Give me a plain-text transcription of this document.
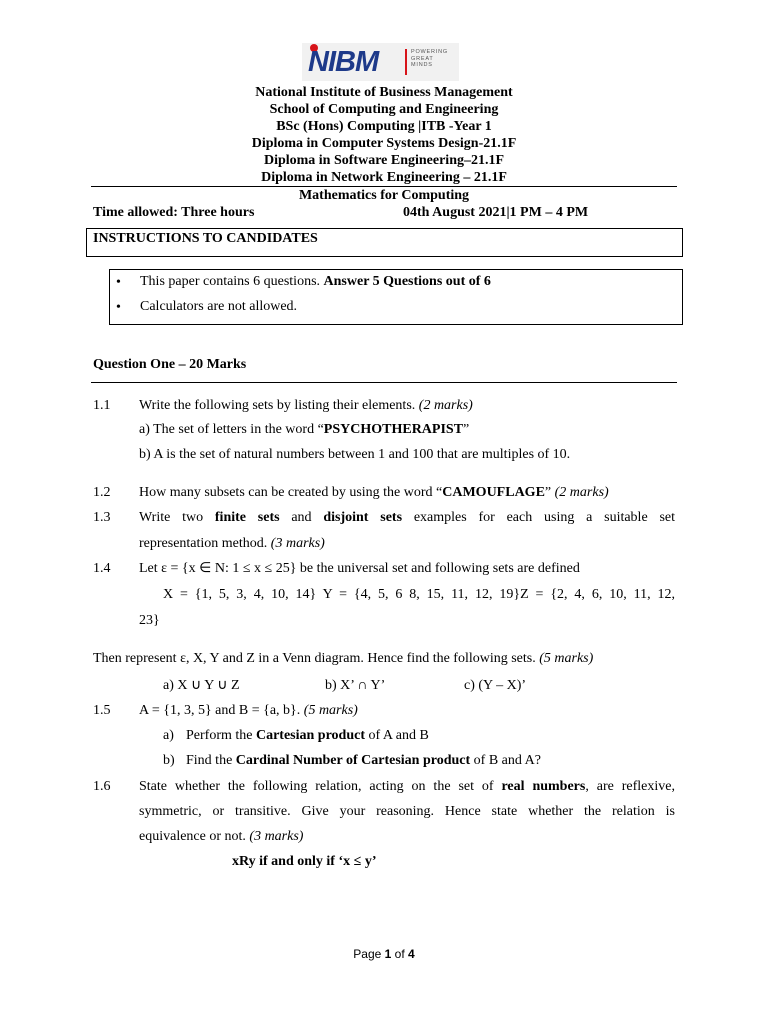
NIBM	POWERING
GREAT
MINDS
National Institute of Business Management
School of Computing and Engineering
BSc (Hons) Computing |ITB -Year 1
Diploma in Computer Systems Design-21.1F
Diploma in Software Engineering–21.1F
Diploma in Network Engineering – 21.1F
Mathematics for Computing
Time allowed: Three hours	04th August 2021|1 PM – 4 PM
INSTRUCTIONS TO CANDIDATES
• This paper contains 6 questions. Answer 5 Questions out of 6
• Calculators are not allowed.
Question One – 20 Marks
1.1 Write the following sets by listing their elements. (2 marks)
a) The set of letters in the word “PSYCHOTHERAPIST”
b) A is the set of natural numbers between 1 and 100 that are multiples of 10.
1.2 How many subsets can be created by using the word “CAMOUFLAGE” (2 marks)
1.3 Write two finite sets and disjoint sets examples for each using a suitable set
representation method. (3 marks)
1.4 Let ε = {x ∈ N: 1 ≤ x ≤ 25} be the universal set and following sets are defined
X = {1, 5, 3, 4, 10, 14} Y = {4, 5, 6 8, 15, 11, 12, 19}Z = {2, 4, 6, 10, 11, 12,
23}
Then represent ε, X, Y and Z in a Venn diagram. Hence find the following sets. (5 marks)
a) X ∪ Y ∪ Z	b) X’ ∩ Y’	c) (Y – X)’
1.5 A = {1, 3, 5} and B = {a, b}. (5 marks)
a) Perform the Cartesian product of A and B
b) Find the Cardinal Number of Cartesian product of B and A?
1.6 State whether the following relation, acting on the set of real numbers, are reflexive,
symmetric, or transitive. Give your reasoning. Hence state whether the relation is
equivalence or not. (3 marks)
xRy if and only if ‘x ≤ y’
Page 1 of 4
